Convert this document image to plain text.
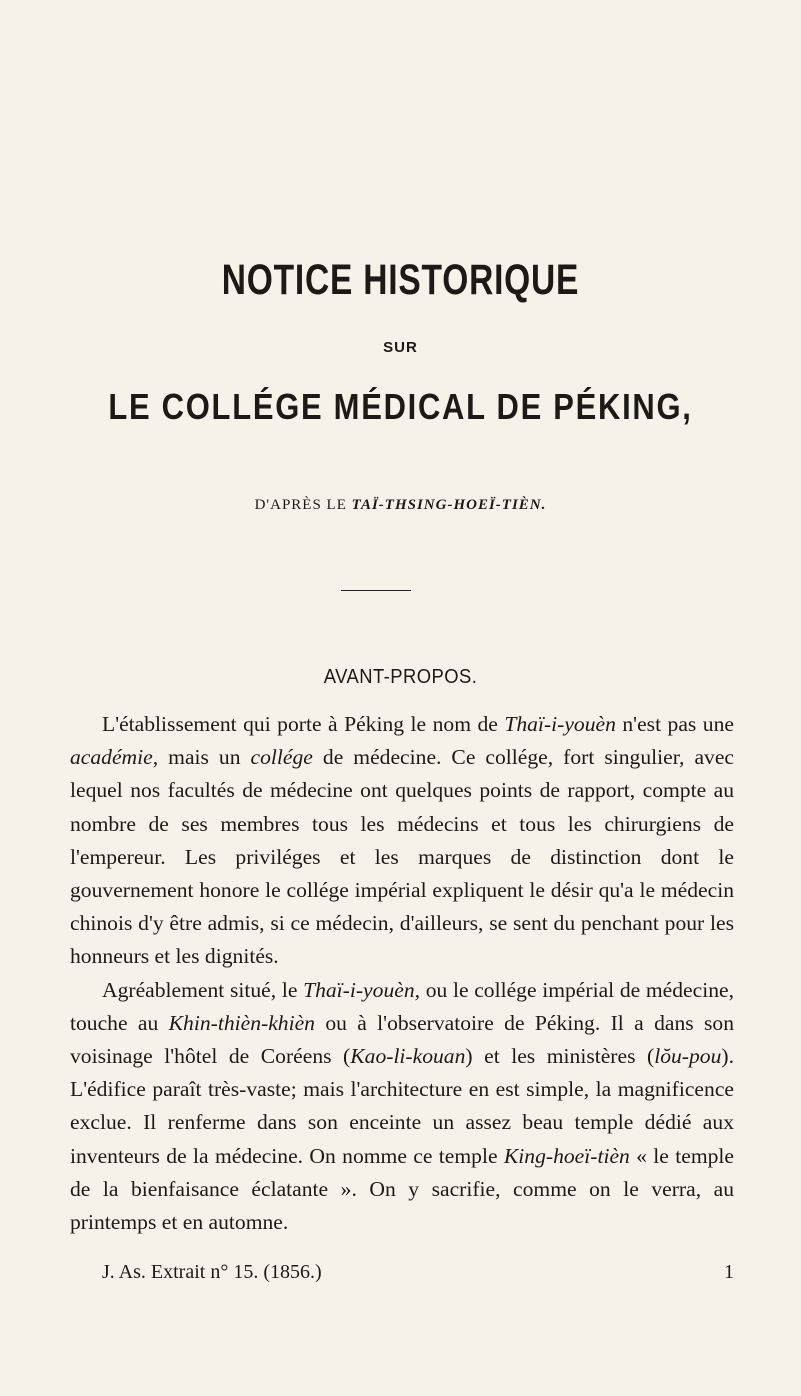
NOTICE HISTORIQUE
SUR
LE COLLÉGE MÉDICAL DE PÉKING,
D'APRÈS LE TAÏ-THSING-HOEÏ-TIÈN.
AVANT-PROPOS.

L'établissement qui porte à Péking le nom de Thaï-i-youèn n'est pas une académie, mais un collége de médecine. Ce collége, fort singulier, avec lequel nos facultés de médecine ont quelques points de rapport, compte au nombre de ses membres tous les médecins et tous les chirurgiens de l'empereur. Les priviléges et les marques de distinction dont le gouvernement honore le collége impérial expliquent le désir qu'a le médecin chinois d'y être admis, si ce médecin, d'ailleurs, se sent du penchant pour les honneurs et les dignités.

Agréablement situé, le Thaï-i-youèn, ou le collége impérial de médecine, touche au Khin-thièn-khièn ou à l'observatoire de Péking. Il a dans son voisinage l'hôtel de Coréens (Kao-li-kouan) et les ministères (lŏu-pou). L'édifice paraît très-vaste; mais l'architecture en est simple, la magnificence exclue. Il renferme dans son enceinte un assez beau temple dédié aux inventeurs de la médecine. On nomme ce temple King-hoeï-tièn « le temple de la bienfaisance éclatante ». On y sacrifie, comme on le verra, au printemps et en automne.

J. As. Extrait n° 15. (1856.)	1
